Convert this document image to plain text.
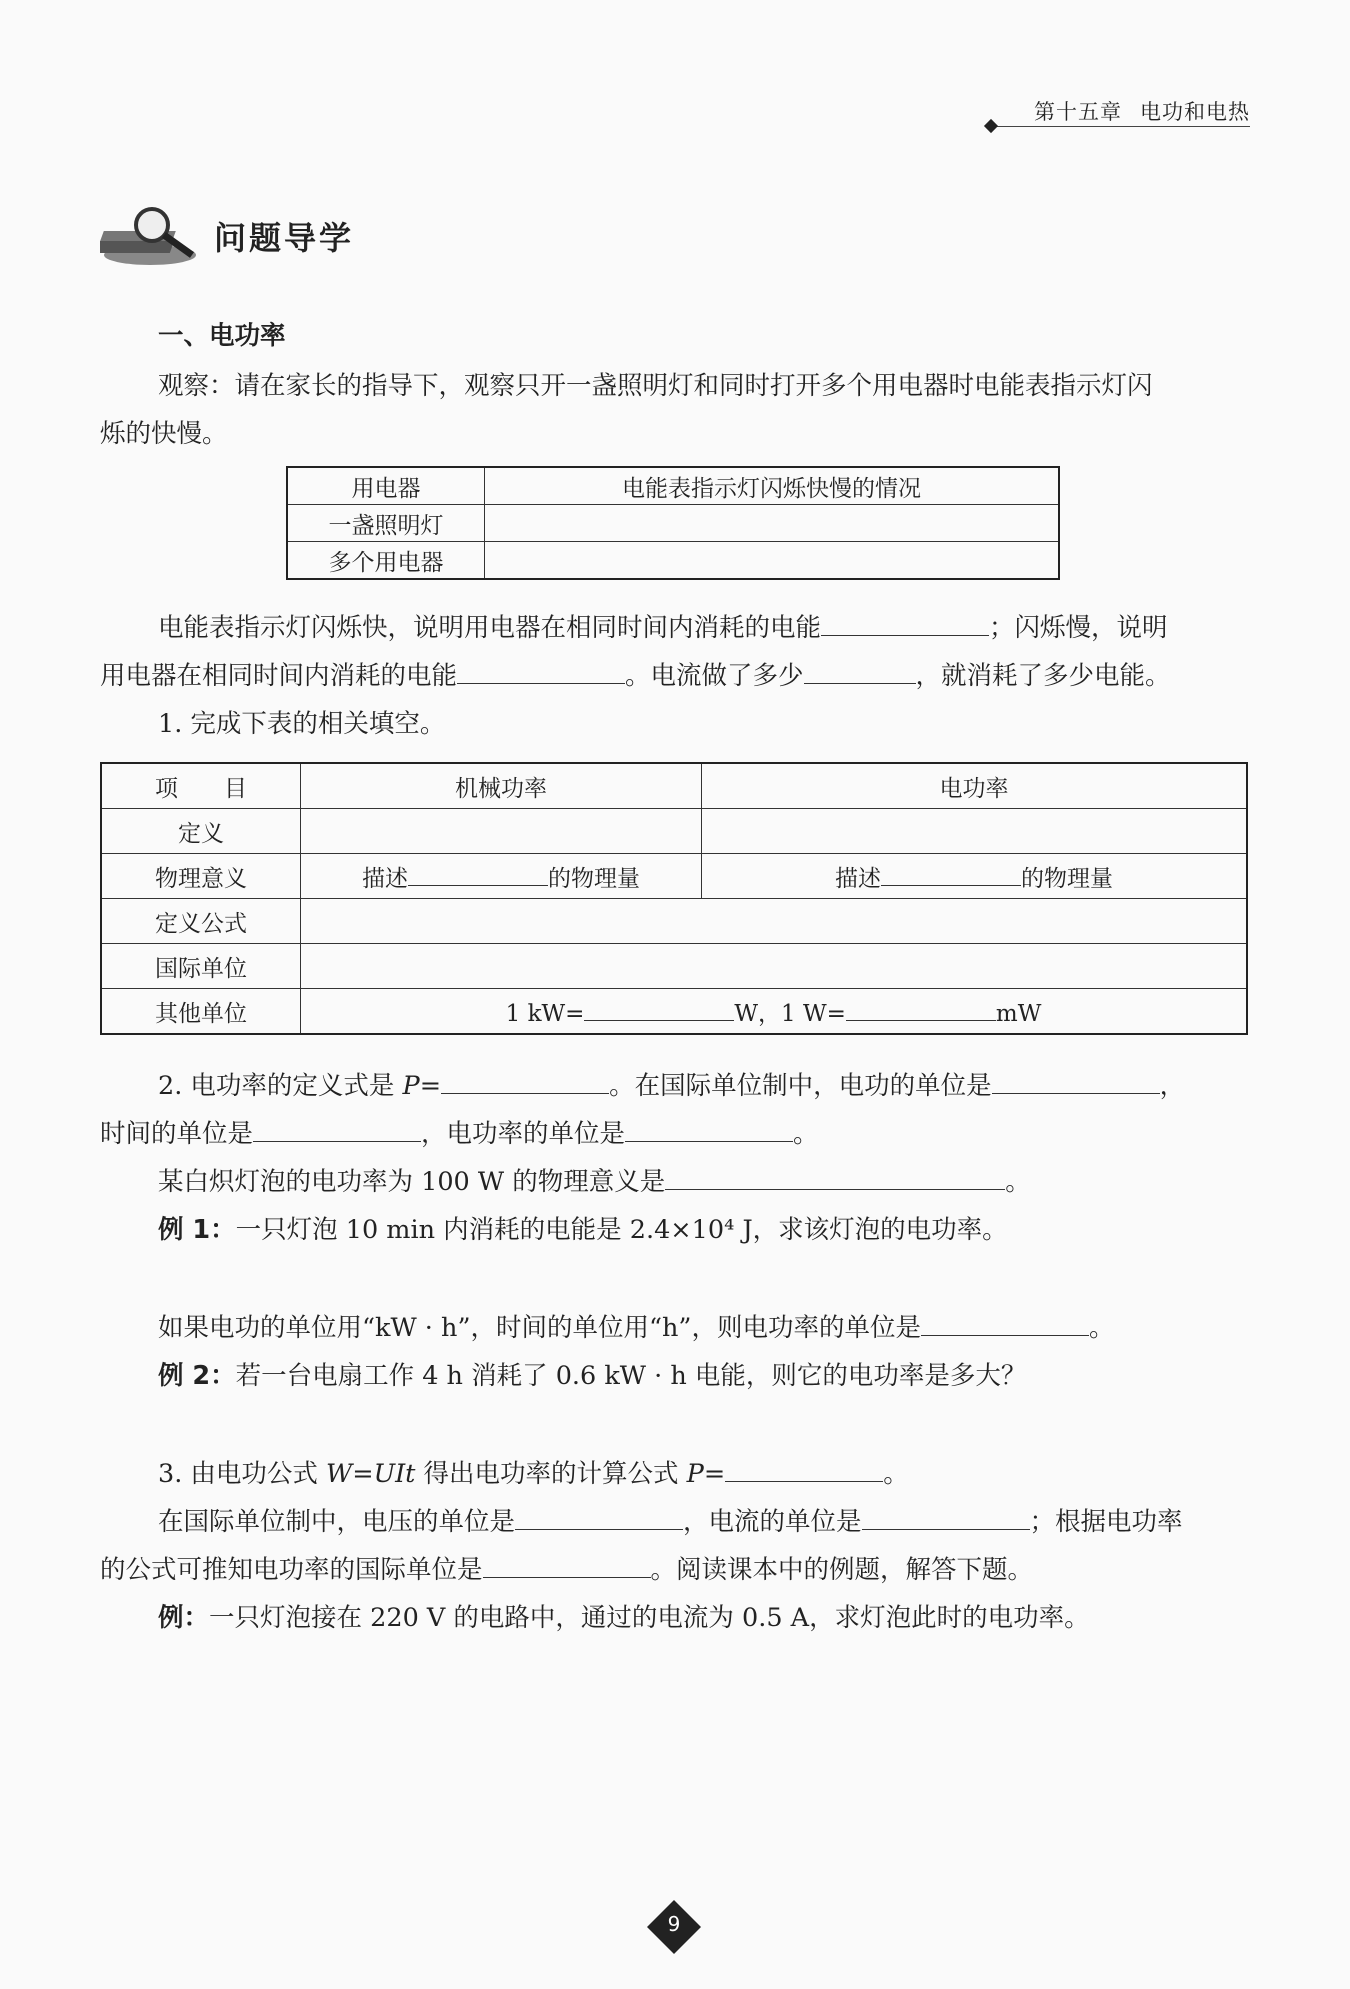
第十五章 电功和电热
问题导学
一、电功率
观察：请在家长的指导下，观察只开一盏照明灯和同时打开多个用电器时电能表指示灯闪
烁的快慢。
用电器	电能表指示灯闪烁快慢的情况
一盏照明灯	
多个用电器	
电能表指示灯闪烁快，说明用电器在相同时间内消耗的电能	；闪烁慢，说明
用电器在相同时间内消耗的电能	。电流做了多少	，就消耗了多少电能。
1. 完成下表的相关填空。
项　　目	机械功率	电功率
定义		
物理意义	描述 的物理量	描述 的物理量
定义公式		
国际单位		
其他单位	1 kW= W，1 W= mW	
2. 电功率的定义式是 P=	。在国际单位制中，电功的单位是	，
时间的单位是	，电功率的单位是	。
某白炽灯泡的电功率为 100 W 的物理意义是	。
例 1：一只灯泡 10 min 内消耗的电能是 2.4×10⁴ J，求该灯泡的电功率。
如果电功的单位用“kW · h”，时间的单位用“h”，则电功率的单位是	。
例 2：若一台电扇工作 4 h 消耗了 0.6 kW · h 电能，则它的电功率是多大？
3. 由电功公式 W=UIt 得出电功率的计算公式 P=	。
在国际单位制中，电压的单位是	，电流的单位是	；根据电功率
的公式可推知电功率的国际单位是	。阅读课本中的例题，解答下题。
例：一只灯泡接在 220 V 的电路中，通过的电流为 0.5 A，求灯泡此时的电功率。
9
